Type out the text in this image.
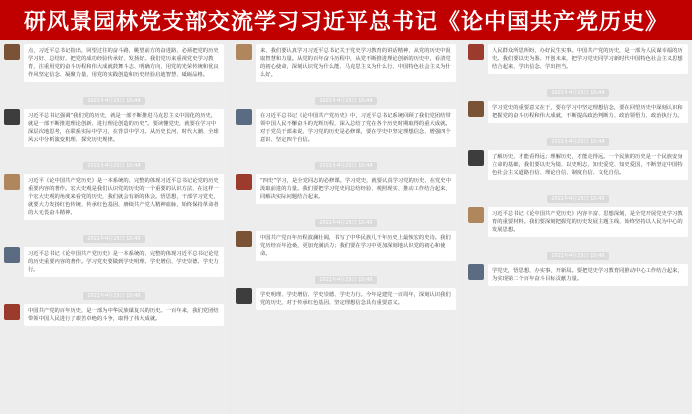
研风景园林党支部交流学习习近平总书记《论中国共产党历史》
点，习近平总书记指出，回望过往的奋斗路，眺望前方的奋进路，必须把党的历史学习好、总结好，把党的成功经验传承好、发扬好。我们党历来重视党史学习教育，注重用党的奋斗历程和伟大成就鼓舞斗志、明确方向，用党的光荣传统和优良作风坚定信念、凝聚力量，用党的实践创造和历史经验启迪智慧、砥砺品格。
2021年4月25日 10:44
习近平总书记强调“我们党的历史，就是一部不断推进马克思主义中国化的历史，就是一部不断推进理论创新、进行理论创造的历史”。要读懂党史，就要在学习中深层次地思考，在联系实际中学习，在背景中学习。从历史长河、时代大潮、全球风云中分析演变机理、探究历史规律。
2021年4月25日 10:44
习近平《论中国共产党历史》是一本系统的、完整的体现习近平总书记论党的历史重要内容的著作。宏大史观是我们认识党的历史的一个重要的认识方法，在这样一个宏大史观的角度来看党的历史，我们就会有新的体会。悟思想，干部学习党史，就要大力发扬红色传统、传承红色基因、赓续共产党人精神血脉，始终保持革命者的大无畏奋斗精神。
2021年4月25日 10:45
习近平总书记《论中国共产党历史》是一本系统的、完整的体现习近平总书记论党的历史重要内容的著作。学习党史要做到学史明理、学史增信、学史崇德、学史力行。
2021年4月25日 10:46
中国共产党的百年历史，是一部为中华民族谋复兴的历史。一百年来，我们党团结带领中国人民进行了艰苦卓绝的斗争，取得了伟大成就。
来，我们要认真学习习近平总书记关于党史学习教育的讲话精神，从党的历史中汲取智慧和力量。从党的百年奋斗历程中，从党不断推进理论创新的历史中，看清党的初心使命，深刻认识党为什么能、马克思主义为什么行、中国特色社会主义为什么好。
2021年4月25日 10:44
在习近平总书记《论中国共产党历史》中，习近平总书记系统回顾了我们党团结带领中国人民不懈奋斗的光辉历程，深入总结了党在各个历史时期取得的重大成就。对于党员干部来说，学习党的历史是必修课，要在学史中坚定理想信念、增强四个意识、坚定四个自信。
2021年4月25日 10:44
“四史”学习，是全党同志的必修课。学习党史，就要认真学习党的历史，在党史中汲取前进的力量。我们要把学习党史同总结经验、观照现实、推动工作结合起来，同解决实际问题结合起来。
2021年4月25日 10:45
中国共产党百年历程波澜壮阔，书写了中华民族几千年历史上最恢宏的史诗。我们党历经百年沧桑，更加充满活力；我们要在学习中更加深刻地认识党的初心和使命。
2021年4月25日 10:46
学史明理、学史增信、学史崇德、学史力行。今年是建党一百周年，深刻认识我们党的历史，对于传承红色基因、坚定理想信念具有重要意义。
人民群众所思所盼，办好民生实事。中国共产党的历史，是一部为人民谋幸福的历史。我们要以史为鉴、开创未来，把学习党史同学习新时代中国特色社会主义思想结合起来，学出信念、学出担当。
2021年4月25日 10:44
学习党史的重要意义在于，要在学习中坚定理想信念，要在回望历史中深刻认识和把握党的奋斗历程和伟大成就，不断提高政治判断力、政治领悟力、政治执行力。
2021年4月25日 10:44
了解历史，才能看得远；理解历史，才能走得远。一个民族的历史是一个民族安身立命的基础，我们要以史为镜、以史明志，知史爱党、知史爱国，不断坚定中国特色社会主义道路自信、理论自信、制度自信、文化自信。
2021年4月25日 10:45
习近平总书记《论中国共产党历史》内容丰富、思想深刻，是全党开展党史学习教育的重要材料。我们要深刻把握党的历史发展主题主线，始终坚持以人民为中心的发展思想。
2021年4月25日 10:46
学党史，悟思想，办实事，开新局。要把党史学习教育同推动中心工作结合起来，为实现第二个百年奋斗目标贡献力量。
